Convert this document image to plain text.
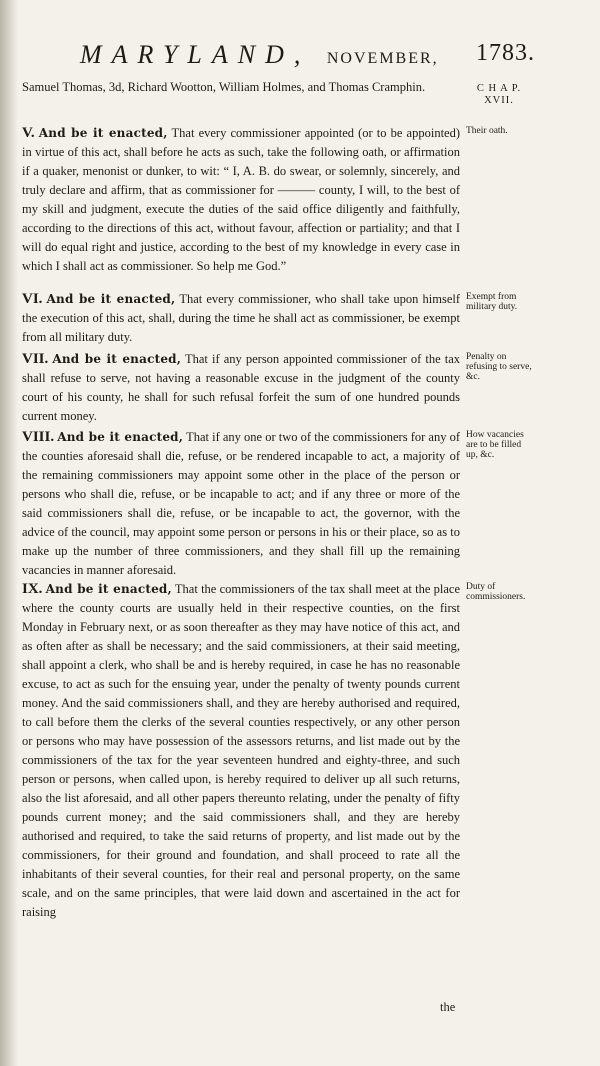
MARYLAND, NOVEMBER, 1783.
C H A P.
XVII.

Samuel Thomas, 3d, Richard Wootton, William Holmes, and Thomas Cramphin.

V. And be it enacted, That every commissioner appointed (or to be appointed) in virtue of this act, shall before he acts as such, take the following oath, or affirmation if a quaker, menonist or dunker, to wit: “ I, A. B. do swear, or solemnly, sincerely, and truly declare and affirm, that as commissioner for ——— county, I will, to the best of my skill and judgment, execute the duties of the said office diligently and faithfully, according to the directions of this act, without favour, affection or partiality; and that I will do equal right and justice, according to the best of my knowledge in every case in which I shall act as commissioner. So help me God.”

Their oath.

VI. And be it enacted, That every commissioner, who shall take upon himself the execution of this act, shall, during the time he shall act as commissioner, be exempt from all military duty.

Exempt from military duty.

VII. And be it enacted, That if any person appointed commissioner of the tax shall refuse to serve, not having a reasonable excuse in the judgment of the county court of his county, he shall for such refusal forfeit the sum of one hundred pounds current money.

Penalty on refusing to serve, &c.

VIII. And be it enacted, That if any one or two of the commissioners for any of the counties aforesaid shall die, refuse, or be rendered incapable to act, a majority of the remaining commissioners may appoint some other in the place of the person or persons who shall die, refuse, or be incapable to act; and if any three or more of the said commissioners shall die, refuse, or be incapable to act, the governor, with the advice of the council, may appoint some person or persons in his or their place, so as to make up the number of three commissioners, and they shall fill up the remaining vacancies in manner aforesaid.

How vacancies are to be filled up, &c.

IX. And be it enacted, That the commissioners of the tax shall meet at the place where the county courts are usually held in their respective counties, on the first Monday in February next, or as soon thereafter as they may have notice of this act, and as often after as shall be necessary; and the said commissioners, at their said meeting, shall appoint a clerk, who shall be and is hereby required, in case he has no reasonable excuse, to act as such for the ensuing year, under the penalty of twenty pounds current money. And the said commissioners shall, and they are hereby authorised and required, to call before them the clerks of the several counties respectively, or any other person or persons who may have possession of the assessors returns, and list made out by the commissioners of the tax for the year seventeen hundred and eighty-three, and such person or persons, when called upon, is hereby required to deliver up all such returns, also the list aforesaid, and all other papers thereunto relating, under the penalty of fifty pounds current money; and the said commissioners shall, and they are hereby authorised and required, to take the said returns of property, and list made out by the commissioners, for their ground and foundation, and shall proceed to rate all the inhabitants of their several counties, for their real and personal property, on the same scale, and on the same principles, that were laid down and ascertained in the act for raising

Duty of commissioners.
the
